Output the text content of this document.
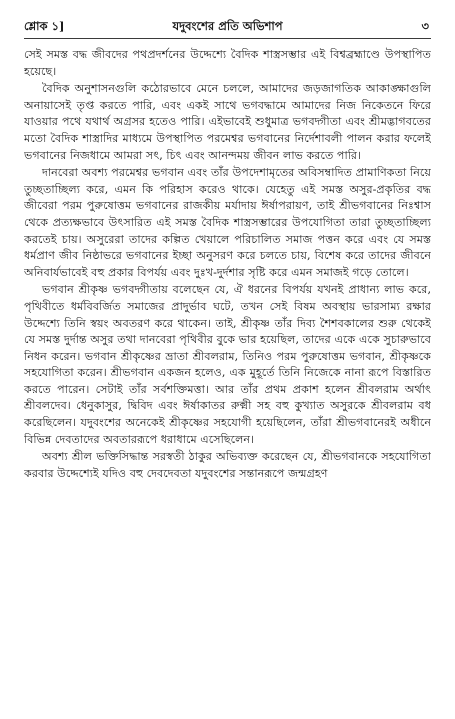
শ্লোক ১]	যদুবংশের প্রতি অভিশাপ	৩

সেই সমস্ত বদ্ধ জীবদের পথপ্রদর্শনের উদ্দেশ্যে বৈদিক শাস্ত্রসম্ভার এই বিশ্বব্রহ্মাণ্ডে উপস্থাপিত হয়েছে।

বৈদিক অনুশাসনগুলি কঠোরভাবে মেনে চললে, আমাদের জড়জাগতিক আকাঙ্ক্ষাগুলি অনায়াসেই তৃপ্ত করতে পারি, এবং একই সাথে ভগবদ্ধামে আমাদের নিজ নিকেতনে ফিরে যাওয়ার পথে যথার্থ অগ্রসর হতেও পারি। এইভাবেই শুধুমাত্র ভগবদ্গীতা এবং শ্রীমদ্ভাগবতের মতো বৈদিক শাস্ত্রাদির মাধ্যমে উপস্থাপিত পরমেশ্বর ভগবানের নির্দেশাবলী পালন করার ফলেই ভগবানের নিজধামে আমরা সৎ, চিৎ এবং আনন্দময় জীবন লাভ করতে পারি।

দানবেরা অবশ্য পরমেশ্বর ভগবান এবং তাঁর উপদেশামৃতের অবিসম্বাদিত প্রামাণিকতা নিয়ে তুচ্ছতাচ্ছিল্য করে, এমন কি পরিহাস করেও থাকে। যেহেতু এই সমস্ত অসুর-প্রকৃতির বদ্ধ জীবেরা পরম পুরুষোত্তম ভগবানের রাজকীয় মর্যাদায় ঈর্ষাপরায়ণ, তাই শ্রীভগবানের নিঃশ্বাস থেকে প্রত্যক্ষভাবে উৎসারিত এই সমস্ত বৈদিক শাস্ত্রসম্ভারের উপযোগিতা তারা তুচ্ছতাচ্ছিল্য করতেই চায়। অসুরেরা তাদের কল্পিত খেয়ালে পরিচালিত সমাজ পত্তন করে এবং যে সমস্ত ধর্মপ্রাণ জীব নিষ্ঠাভরে ভগবানের ইচ্ছা অনুসরণ করে চলতে চায়, বিশেষ করে তাদের জীবনে অনিবার্যভাবেই বহু প্রকার বিপর্যয় এবং দুঃখ-দুর্দশার সৃষ্টি করে এমন সমাজই গড়ে তোলে।

ভগবান শ্রীকৃষ্ণ ভগবদ্গীতায় বলেছেন যে, ঐ ধরনের বিপর্যয় যখনই প্রাধান্য লাভ করে, পৃথিবীতে ধর্মবিবর্জিত সমাজের প্রাদুর্ভাব ঘটে, তখন সেই বিষম অবস্থায় ভারসাম্য রক্ষার উদ্দেশ্যে তিনি স্বয়ং অবতরণ করে থাকেন। তাই, শ্রীকৃষ্ণ তাঁর দিব্য শৈশবকালের শুরু থেকেই যে সমস্ত দুর্দান্ত অসুর তথা দানবেরা পৃথিবীর বুকে ভার হয়েছিল, তাদের একে একে সুচারুভাবে নিধন করেন। ভগবান শ্রীকৃষ্ণের ভ্রাতা শ্রীবলরাম, তিনিও পরম পুরুষোত্তম ভগবান, শ্রীকৃষ্ণকে সহযোগিতা করেন। শ্রীভগবান একজন হলেও, এক মুহূর্তে তিনি নিজেকে নানা রূপে বিস্তারিত করতে পারেন। সেটাই তাঁর সর্বশক্তিমত্তা। আর তাঁর প্রথম প্রকাশ হলেন শ্রীবলরাম অর্থাৎ শ্রীবলদেব। ধেনুকাসুর, দ্বিবিদ এবং ঈর্ষাকাতর রুক্মী সহ বহু কুখ্যাত অসুরকে শ্রীবলরাম বধ করেছিলেন। যদুবংশের অনেকেই শ্রীকৃষ্ণের সহযোগী হয়েছিলেন, তাঁরা শ্রীভগবানেরই অধীনে বিভিন্ন দেবতাদের অবতাররূপে ধরাধামে এসেছিলেন।

অবশ্য শ্রীল ভক্তিসিদ্ধান্ত সরস্বতী ঠাকুর অভিব্যক্ত করেছেন যে, শ্রীভগবানকে সহযোগিতা করবার উদ্দেশ্যেই যদিও বহু দেবদেবতা যদুবংশের সন্তানরূপে জন্মগ্রহণ
